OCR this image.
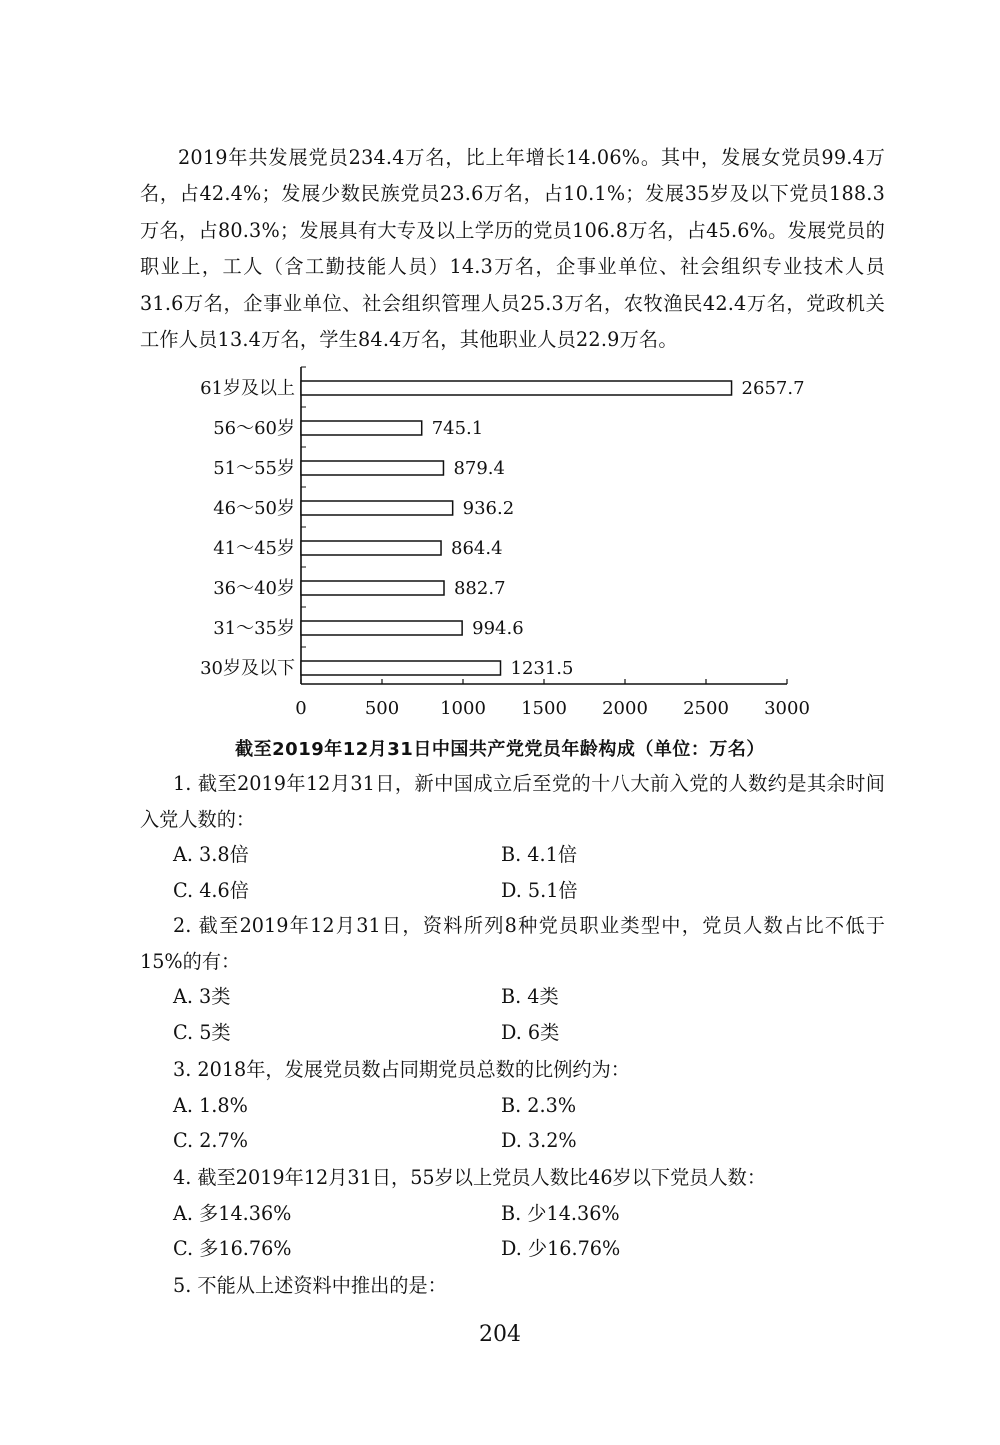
2019年共发展党员234.4万名，比上年增长14.06%。其中，发展女党员99.4万名，占42.4%；发展少数民族党员23.6万名，占10.1%；发展35岁及以下党员188.3万名，占80.3%；发展具有大专及以上学历的党员106.8万名，占45.6%。发展党员的职业上，工人（含工勤技能人员）14.3万名，企事业单位、社会组织专业技术人员31.6万名，企事业单位、社会组织管理人员25.3万名，农牧渔民42.4万名，党政机关工作人员13.4万名，学生84.4万名，其他职业人员22.9万名。

0	500 1000 1500 2000 2500 3000
61岁及以上	2657.7
56～60岁	745.1
51～55岁	879.4
46～50岁	936.2
41～45岁	864.4
36～40岁	882.7
31～35岁	994.6
30岁及以下	1231.5
截至2019年12月31日中国共产党党员年龄构成（单位：万名）
1. 截至2019年12月31日，新中国成立后至党的十八大前入党的人数约是其余时间入党人数的：
A. 3.8倍	B. 4.1倍
C. 4.6倍	D. 5.1倍
2. 截至2019年12月31日，资料所列8种党员职业类型中，党员人数占比不低于15%的有：
A. 3类	B. 4类
C. 5类	D. 6类
3. 2018年，发展党员数占同期党员总数的比例约为：
A. 1.8%	B. 2.3%
C. 2.7%	D. 3.2%
4. 截至2019年12月31日，55岁以上党员人数比46岁以下党员人数：
A. 多14.36%	B. 少14.36%
C. 多16.76%	D. 少16.76%
5. 不能从上述资料中推出的是：
204
